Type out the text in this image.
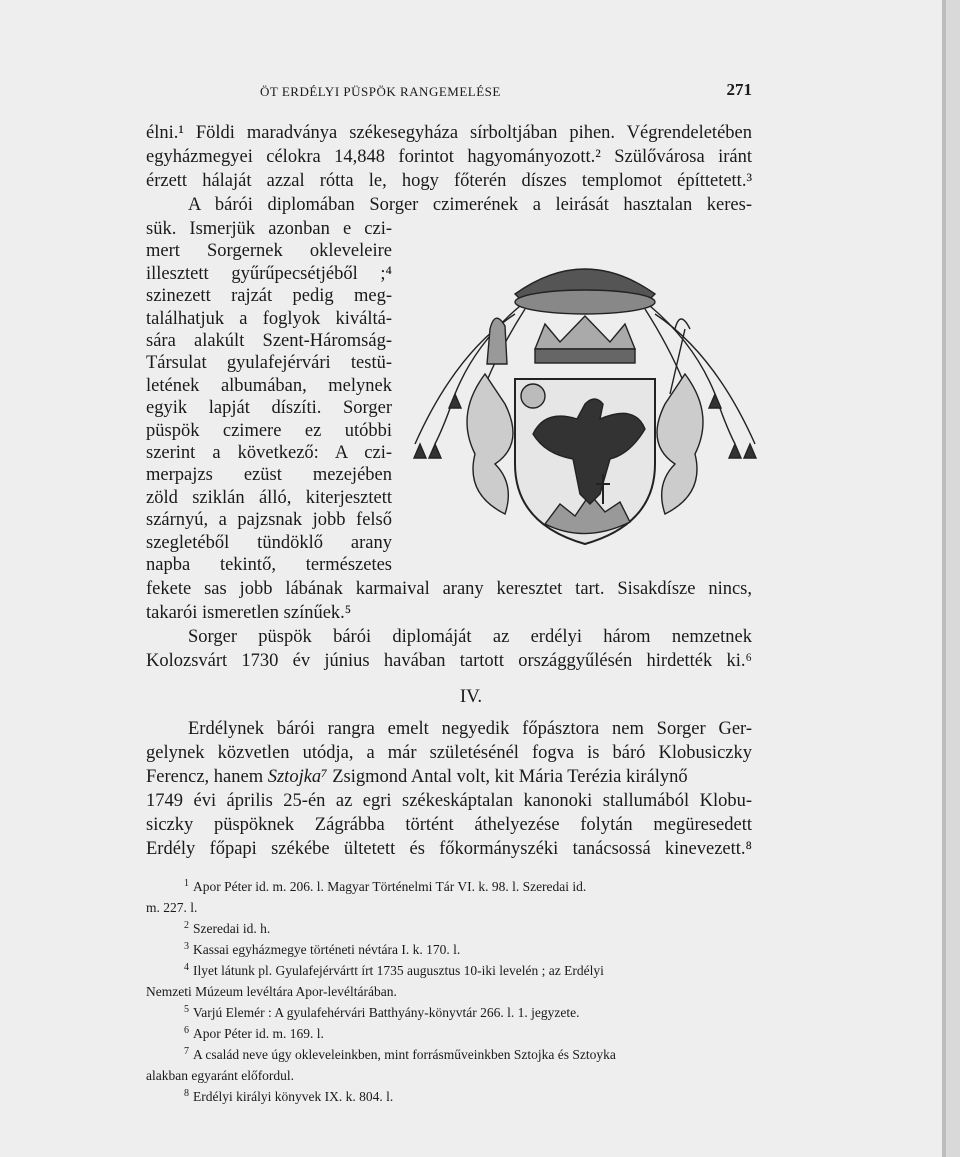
ÖT ERDÉLYI PÜSPÖK RANGEMELÉSE	271
élni.¹ Földi maradványa székesegyháza sírboltjában pihen. Végrendeletében
egyházmegyei célokra 14,848 forintot hagyományozott.² Szülővárosa iránt
érzett hálaját azzal rótta le, hogy főterén díszes templomot építtetett.³
A bárói diplomában Sorger czimerének a leirását hasztalan keres-
sük. Ismerjük azonban e czi-
mert Sorgernek okleveleire
illesztett gyűrűpecsétjéből ;⁴
szinezett rajzát pedig meg-
találhatjuk a foglyok kiváltá-
sára alakúlt Szent-Háromság-
Társulat gyulafejérvári testü-
letének albumában, melynek
egyik lapját díszíti. Sorger
püspök czimere ez utóbbi
szerint a következő: A czi-
merpajzs ezüst mezejében
zöld sziklán álló, kiterjesztett
szárnyú, a pajzsnak jobb felső
szegletéből tündöklő arany
napba tekintő, természetes
fekete sas jobb lábának karmaival arany keresztet tart. Sisakdísze nincs,
takarói ismeretlen színűek.⁵
Sorger püspök bárói diplomáját az erdélyi három nemzetnek
Kolozsvárt 1730 év június havában tartott országgyűlésén hirdették ki.⁶
IV.
Erdélynek bárói rangra emelt negyedik főpásztora nem Sorger Ger-
gelynek közvetlen utódja, a már születésénél fogva is báró Klobusiczky
Ferencz, hanem Sztojka⁷ Zsigmond Antal volt, kit Mária Terézia királynő
1749 évi április 25-én az egri székeskáptalan kanonoki stallumából Klobu-
siczky püspöknek Zágrábba történt áthelyezése folytán megüresedett
Erdély főpapi székébe ültetett és főkormányszéki tanácsossá kinevezett.⁸
$^1$ Apor Péter id. m. 206. l. Magyar Történelmi Tár VI. k. 98. l. Szeredai id.
m. 227. l.
$^2$ Szeredai id. h.
$^3$ Kassai egyházmegye történeti névtára I. k. 170. l.
$^4$ Ilyet látunk pl. Gyulafejérvártt írt 1735 augusztus 10-iki levelén ; az Erdélyi
Nemzeti Múzeum levéltára Apor-levéltárában.
$^5$ Varjú Elemér : A gyulafehérvári Batthyány-könyvtár 266. l. 1. jegyzete.
$^6$ Apor Péter id. m. 169. l.
$^7$ A család neve úgy okleveleinkben, mint forrásműveinkben Sztojka és Sztoyka
alakban egyaránt előfordul.
$^8$ Erdélyi királyi könyvek IX. k. 804. l.
